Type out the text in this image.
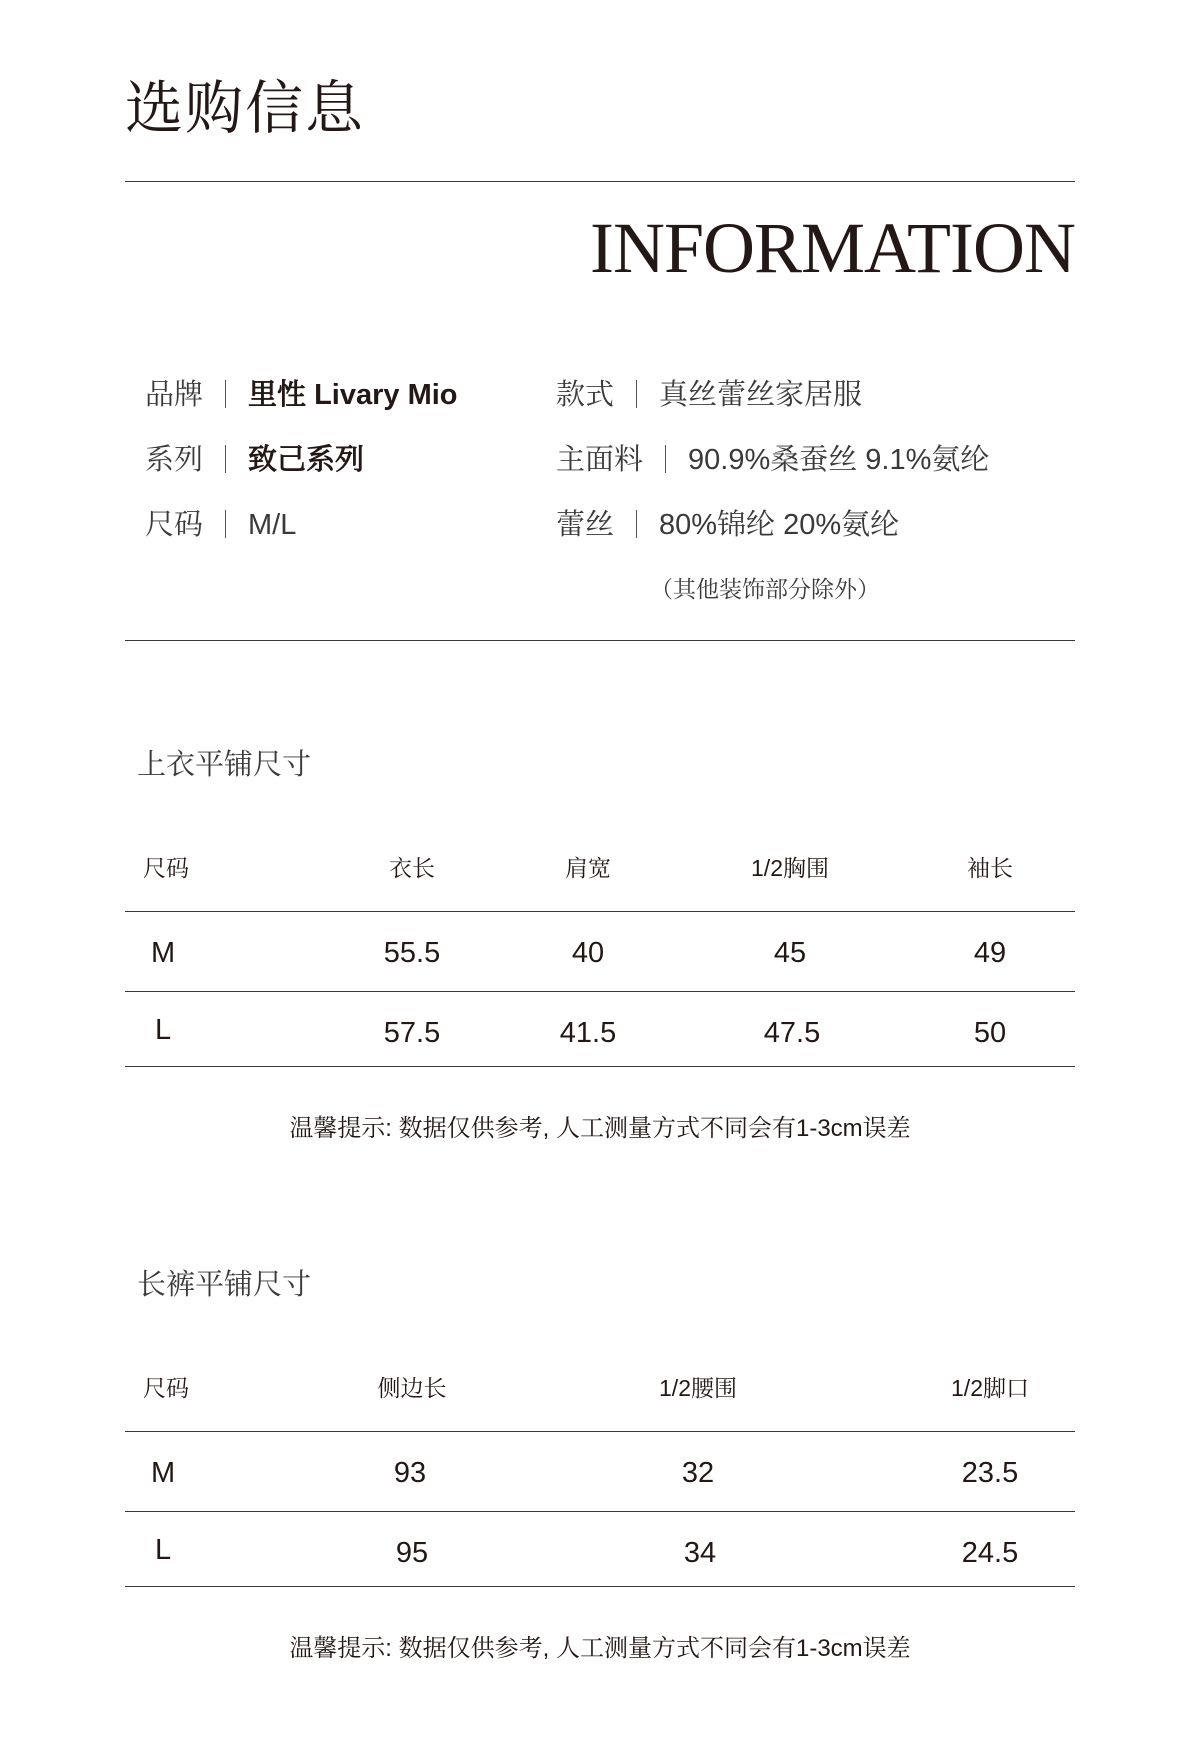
选购信息
INFORMATION
品牌 里性 Livary Mio
系列 致己系列
尺码 M/L
款式 真丝蕾丝家居服
主面料 90.9%桑蚕丝 9.1%氨纶
蕾丝 80%锦纶 20%氨纶
（其他装饰部分除外）
上衣平铺尺寸
尺码	衣长	肩宽	1/2胸围	袖长
M	55.5	40	45	49
L	57.5	41.5	47.5	50
温馨提示: 数据仅供参考, 人工测量方式不同会有1-3cm误差
长裤平铺尺寸
尺码	侧边长	1/2腰围	1/2脚口
M	93	32	23.5
L	95	34	24.5
温馨提示: 数据仅供参考, 人工测量方式不同会有1-3cm误差
